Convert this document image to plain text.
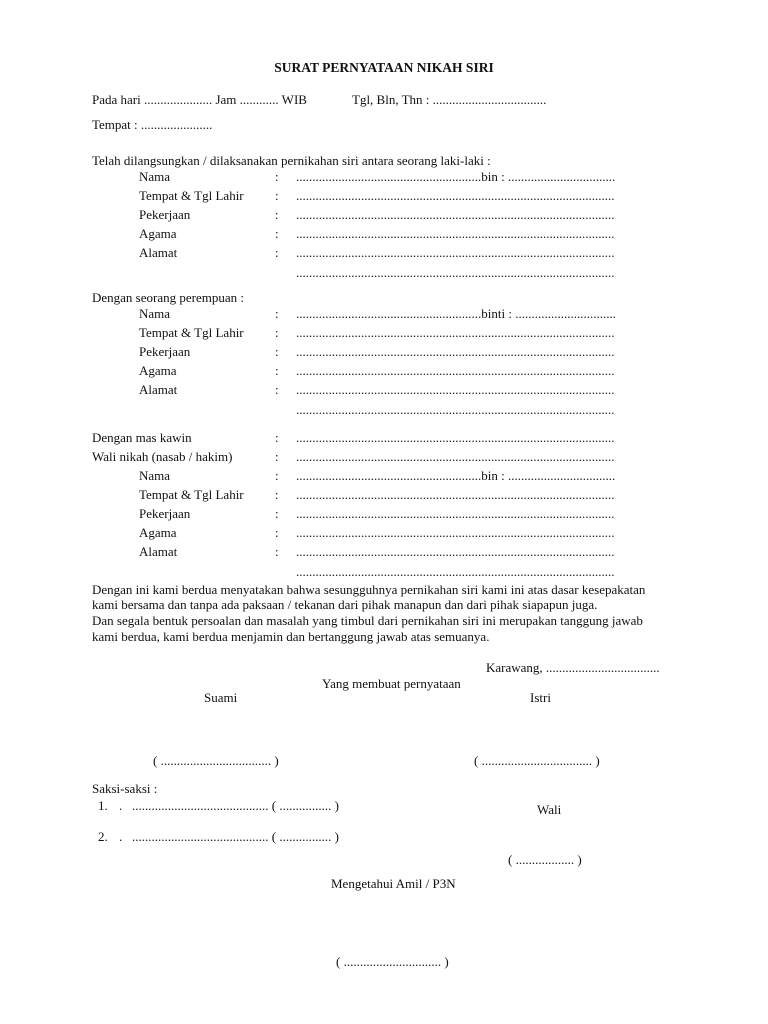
SURAT PERNYATAAN NIKAH SIRI
Pada hari ..................... Jam ............ WIB	Tgl, Bln, Thn : ...................................
Tempat : ......................
Telah dilangsungkan / dilaksanakan pernikahan siri antara seorang laki-laki :
Nama	: .........................................................bin : .................................
Tempat & Tgl Lahir : ..................................................................................................
Pekerjaan	: ..................................................................................................
Agama	: ..................................................................................................
Alamat	: ..................................................................................................
..................................................................................................
Dengan seorang perempuan :
Nama	: .........................................................binti : ...............................
Tempat & Tgl Lahir : ..................................................................................................
Pekerjaan	: ..................................................................................................
Agama	: ..................................................................................................
Alamat	: ..................................................................................................
..................................................................................................
Dengan mas kawin	: ..................................................................................................
Wali nikah (nasab / hakim)	: ..................................................................................................
Nama	: .........................................................bin : .................................
Tempat & Tgl Lahir : ..................................................................................................
Pekerjaan	: ..................................................................................................
Agama	: ..................................................................................................
Alamat	: ..................................................................................................
..................................................................................................
Dengan ini kami berdua menyatakan bahwa sesungguhnya pernikahan siri kami ini atas dasar kesepakatan
kami bersama dan tanpa ada paksaan / tekanan dari pihak manapun dan dari pihak siapapun juga.
Dan segala bentuk persoalan dan masalah yang timbul dari pernikahan siri ini merupakan tanggung jawab
kami berdua, kami berdua menjamin dan bertanggung jawab atas semuanya.
Karawang, ...................................
Yang membuat pernyataan
Suami	Istri
( .................................. )	( .................................. )
Saksi-saksi :
1. . .......................................... ( ................ )
2. . .......................................... ( ................ )
Wali
( .................. )
Mengetahui Amil / P3N
( .............................. )
